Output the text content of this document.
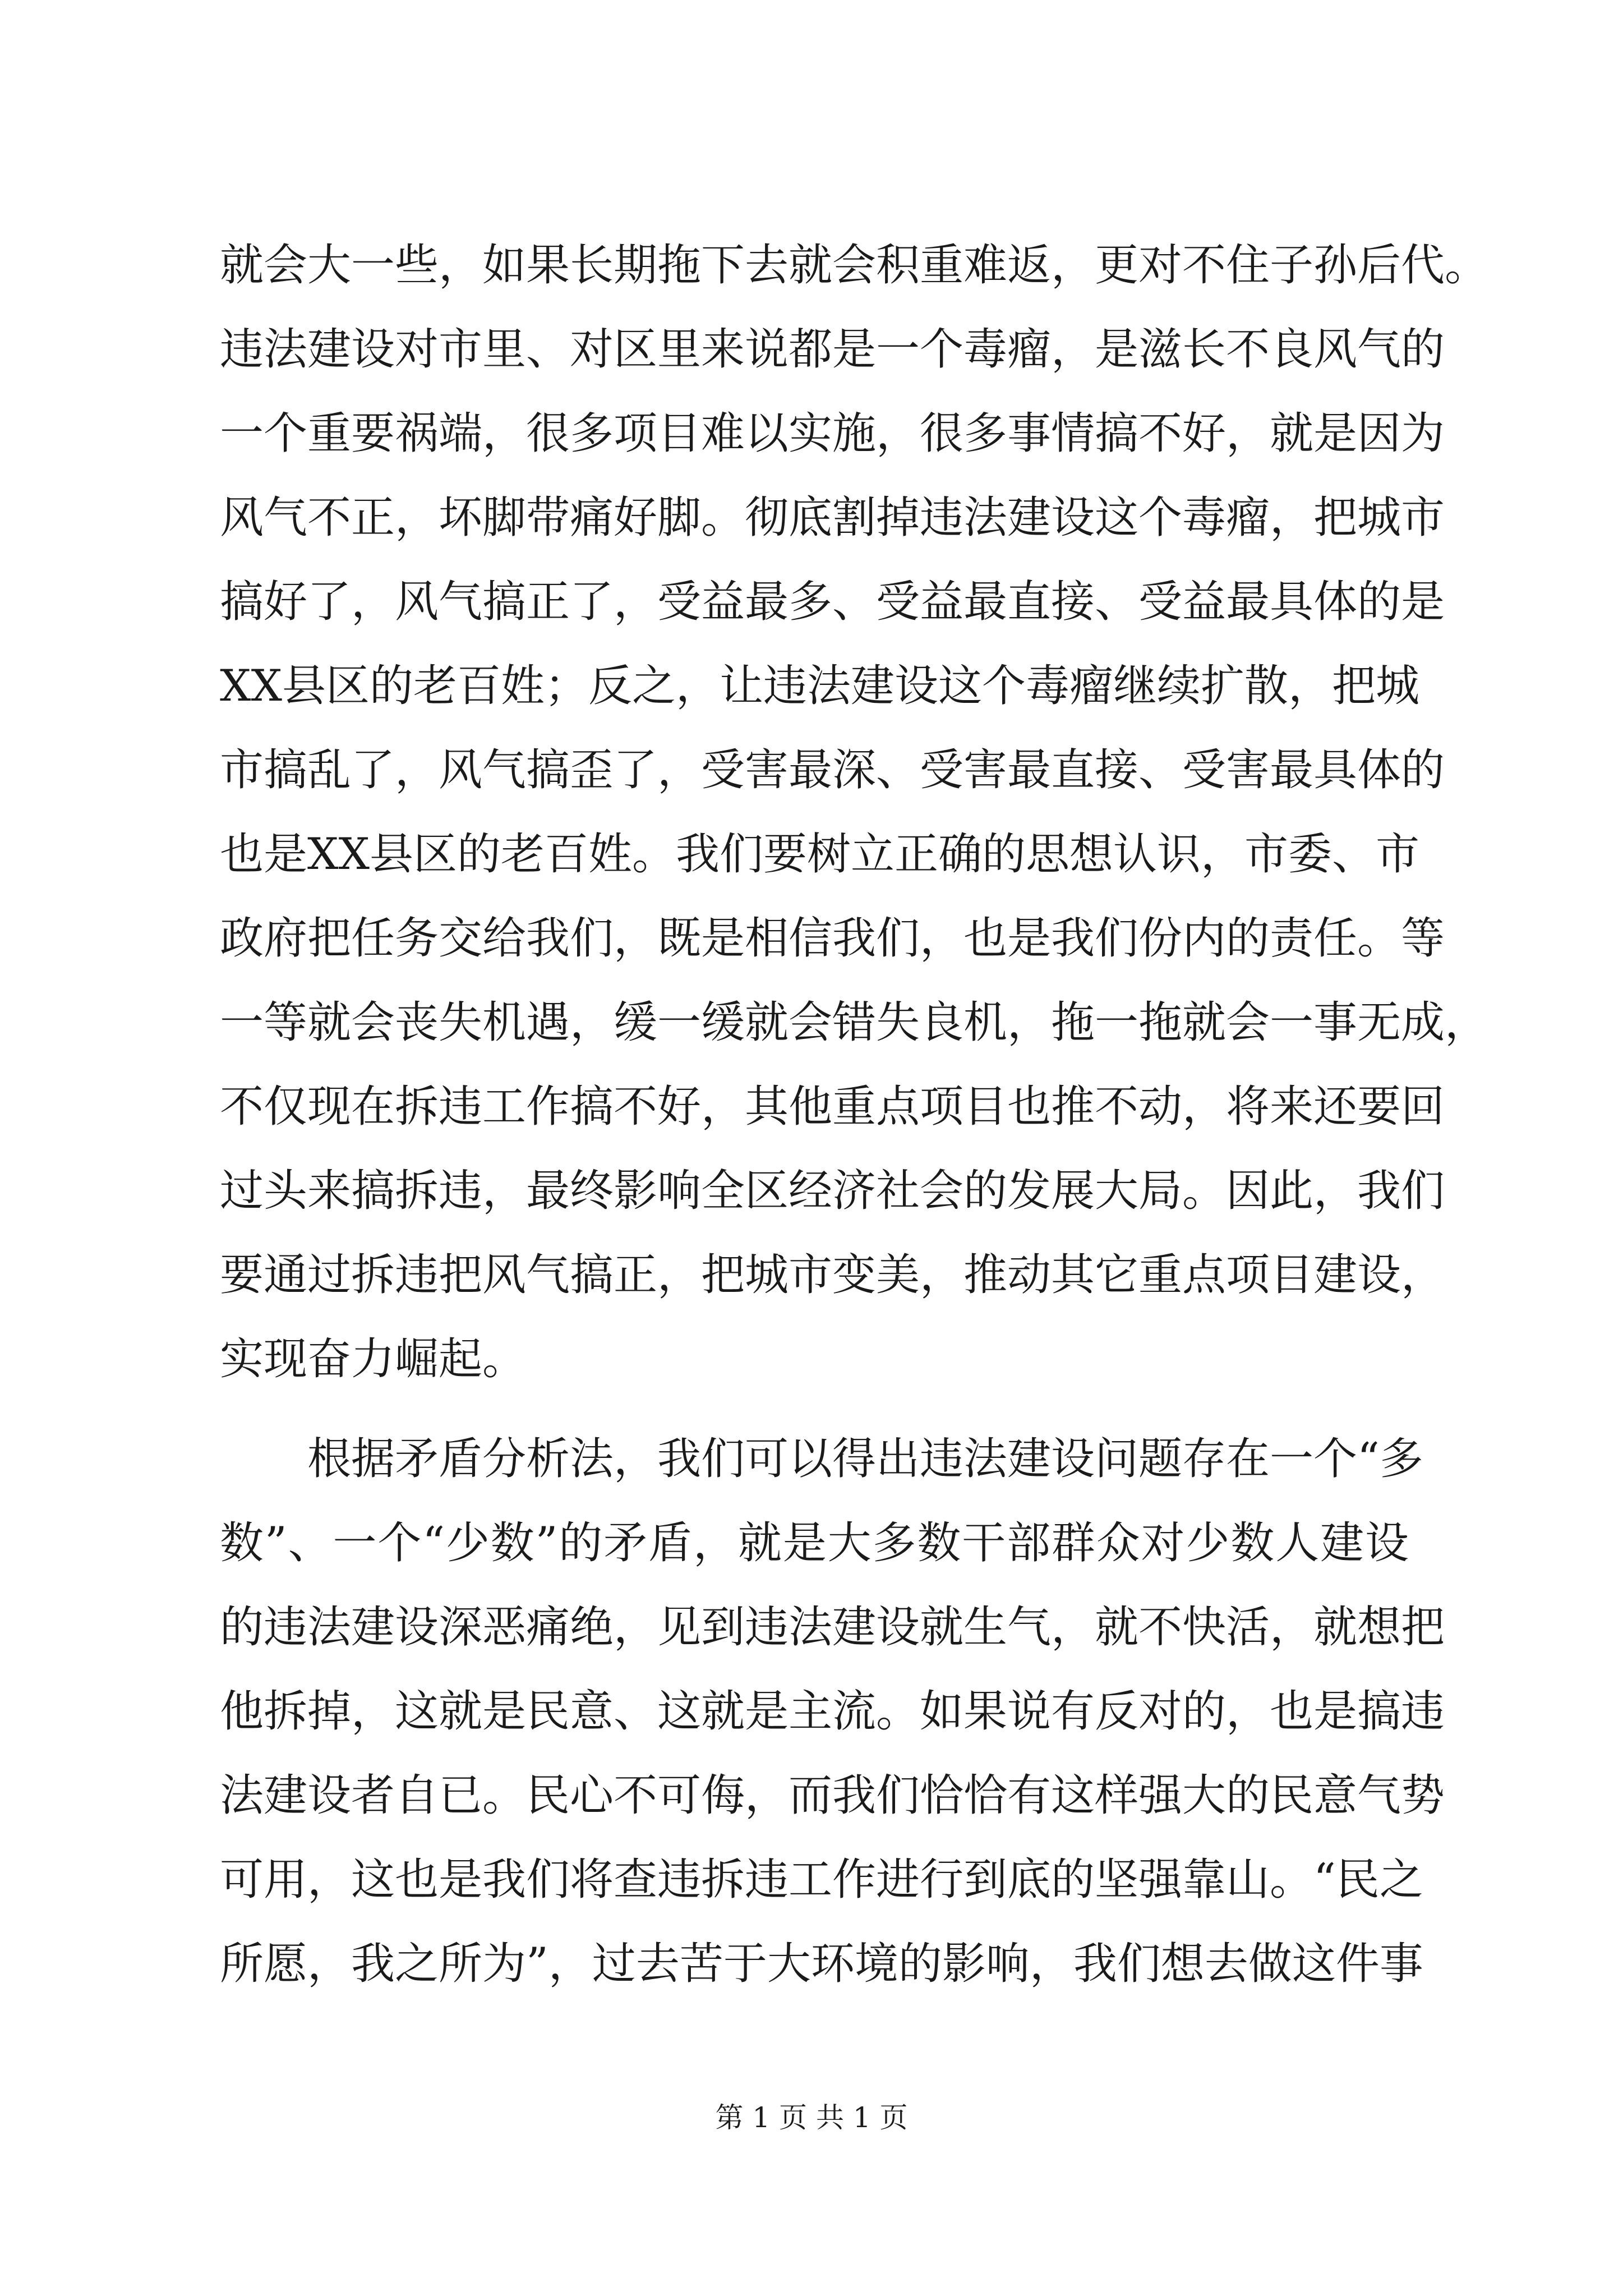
就会大一些，如果长期拖下去就会积重难返，更对不住子孙后代。
违法建设对市里、对区里来说都是一个毒瘤，是滋长不良风气的
一个重要祸端，很多项目难以实施，很多事情搞不好，就是因为
风气不正，坏脚带痛好脚。彻底割掉违法建设这个毒瘤，把城市
搞好了，风气搞正了，受益最多、受益最直接、受益最具体的是
XX县区的老百姓；反之，让违法建设这个毒瘤继续扩散，把城
市搞乱了，风气搞歪了，受害最深、受害最直接、受害最具体的
也是XX县区的老百姓。我们要树立正确的思想认识，市委、市
政府把任务交给我们，既是相信我们，也是我们份内的责任。等
一等就会丧失机遇，缓一缓就会错失良机，拖一拖就会一事无成，
不仅现在拆违工作搞不好，其他重点项目也推不动，将来还要回
过头来搞拆违，最终影响全区经济社会的发展大局。因此，我们
要通过拆违把风气搞正，把城市变美，推动其它重点项目建设，
实现奋力崛起。
根据矛盾分析法，我们可以得出违法建设问题存在一个“多
数”、一个“少数”的矛盾，就是大多数干部群众对少数人建设
的违法建设深恶痛绝，见到违法建设就生气，就不快活，就想把
他拆掉，这就是民意、这就是主流。如果说有反对的，也是搞违
法建设者自已。民心不可侮，而我们恰恰有这样强大的民意气势
可用，这也是我们将查违拆违工作进行到底的坚强靠山。“民之
所愿，我之所为”，过去苦于大环境的影响，我们想去做这件事
第 1 页 共 1 页
